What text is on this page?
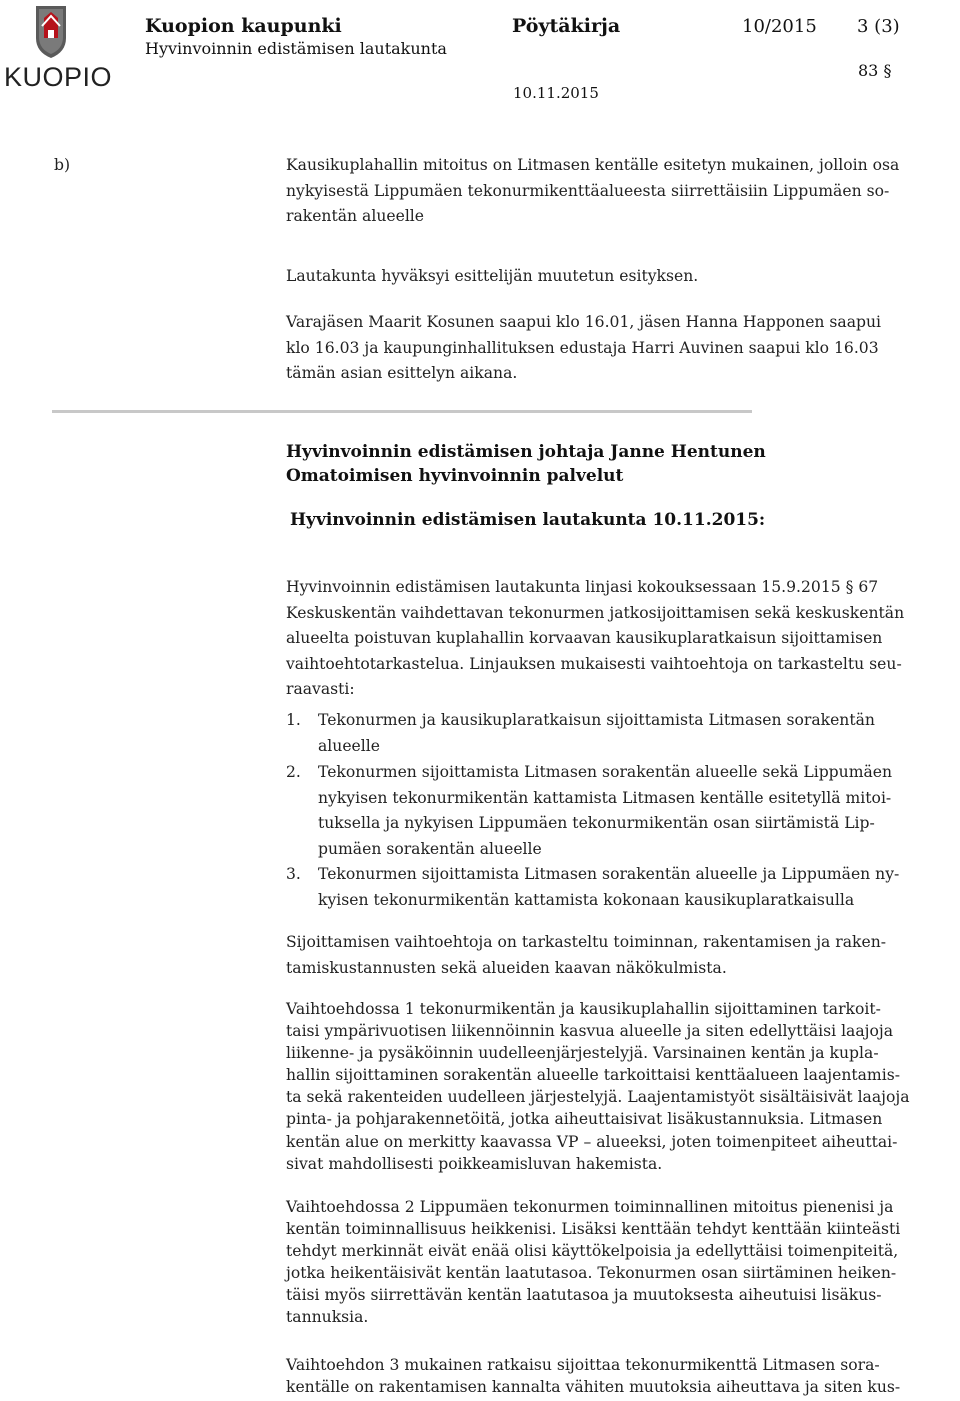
KUOPIO
Kuopion kaupunki
Hyvinvoinnin edistämisen lautakunta
Pöytäkirja	10/2015 3 (3)
83 §
10.11.2015
b)	Kausikuplahallin mitoitus on Litmasen kentälle esitetyn mukainen, jolloin osa
nykyisestä Lippumäen tekonurmikenttäalueesta siirrettäisiin Lippumäen so-
rakentän alueelle
Lautakunta hyväksyi esittelijän muutetun esityksen.
Varajäsen Maarit Kosunen saapui klo 16.01, jäsen Hanna Happonen saapui
klo 16.03 ja kaupunginhallituksen edustaja Harri Auvinen saapui klo 16.03
tämän asian esittelyn aikana.
Hyvinvoinnin edistämisen johtaja Janne Hentunen
Omatoimisen hyvinvoinnin palvelut
Hyvinvoinnin edistämisen lautakunta 10.11.2015:
Hyvinvoinnin edistämisen lautakunta linjasi kokouksessaan 15.9.2015 § 67
Keskuskentän vaihdettavan tekonurmen jatkosijoittamisen sekä keskuskentän
alueelta poistuvan kuplahallin korvaavan kausikuplaratkaisun sijoittamisen
vaihtoehtotarkastelua. Linjauksen mukaisesti vaihtoehtoja on tarkasteltu seu-
raavasti:
1. Tekonurmen ja kausikuplaratkaisun sijoittamista Litmasen sorakentän
alueelle
2. Tekonurmen sijoittamista Litmasen sorakentän alueelle sekä Lippumäen
nykyisen tekonurmikentän kattamista Litmasen kentälle esitetyllä mitoi-
tuksella ja nykyisen Lippumäen tekonurmikentän osan siirtämistä Lip-
pumäen sorakentän alueelle
3. Tekonurmen sijoittamista Litmasen sorakentän alueelle ja Lippumäen ny-
kyisen tekonurmikentän kattamista kokonaan kausikuplaratkaisulla
Sijoittamisen vaihtoehtoja on tarkasteltu toiminnan, rakentamisen ja raken-
tamiskustannusten sekä alueiden kaavan näkökulmista.
Vaihtoehdossa 1 tekonurmikentän ja kausikuplahallin sijoittaminen tarkoit-
taisi ympärivuotisen liikennöinnin kasvua alueelle ja siten edellyttäisi laajoja
liikenne- ja pysäköinnin uudelleenjärjestelyjä. Varsinainen kentän ja kupla-
hallin sijoittaminen sorakentän alueelle tarkoittaisi kenttäalueen laajentamis-
ta sekä rakenteiden uudelleen järjestelyjä. Laajentamistyöt sisältäisivät laajoja
pinta- ja pohjarakennetöitä, jotka aiheuttaisivat lisäkustannuksia. Litmasen
kentän alue on merkitty kaavassa VP – alueeksi, joten toimenpiteet aiheuttai-
sivat mahdollisesti poikkeamisluvan hakemista.
Vaihtoehdossa 2 Lippumäen tekonurmen toiminnallinen mitoitus pienenisi ja
kentän toiminnallisuus heikkenisi. Lisäksi kenttään tehdyt kenttään kiinteästi
tehdyt merkinnät eivät enää olisi käyttökelpoisia ja edellyttäisi toimenpiteitä,
jotka heikentäisivät kentän laatutasoa. Tekonurmen osan siirtäminen heiken-
täisi myös siirrettävän kentän laatutasoa ja muutoksesta aiheutuisi lisäkus-
tannuksia.
Vaihtoehdon 3 mukainen ratkaisu sijoittaa tekonurmikenttä Litmasen sora-
kentälle on rakentamisen kannalta vähiten muutoksia aiheuttava ja siten kus-
